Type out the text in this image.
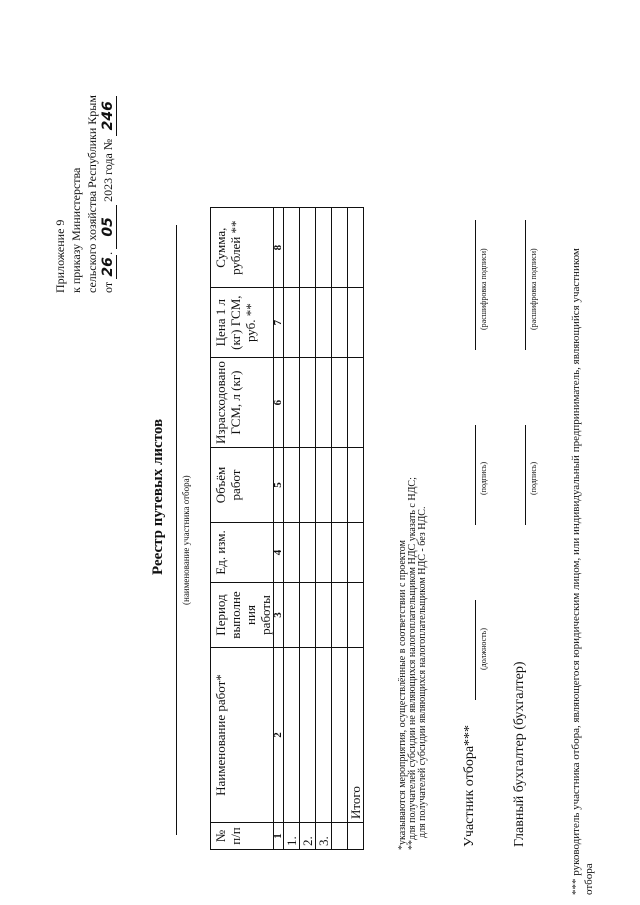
Приложение 9 к приказу Министерства сельского хозяйства Республики Крым от 26. 05 2023 года № 246
Реестр путевых листов (наименование участника отбора)
№ п/п	Наименование работ*	Период выполне ния работы	Ед. изм.	Объём работ	Израсходовано ГСМ, л (кг)	Цена 1 л (кг) ГСМ, руб. **	Сумма, рублей **
1	2	3	4	5	6	7	8
1.							
2.							
3.							

	Итого							*указываются мероприятия, осуществлённые в соответствии с проектом **для получателей субсидии не являющихся налогоплательщиком НДС указать с НДС; для получателей субсидии являющихся налогоплательщиком НДС - без НДС. Участник отбора***
(должность)
(подпись)
(расшифровка подписи)
Главный бухгалтер (бухгалтер)
(подпись)
(расшифровка подписи)	*** руководитель участника отбора, являющегося юридическим лицом, или индивидуальный предприниматель, являющийся участником отбора
